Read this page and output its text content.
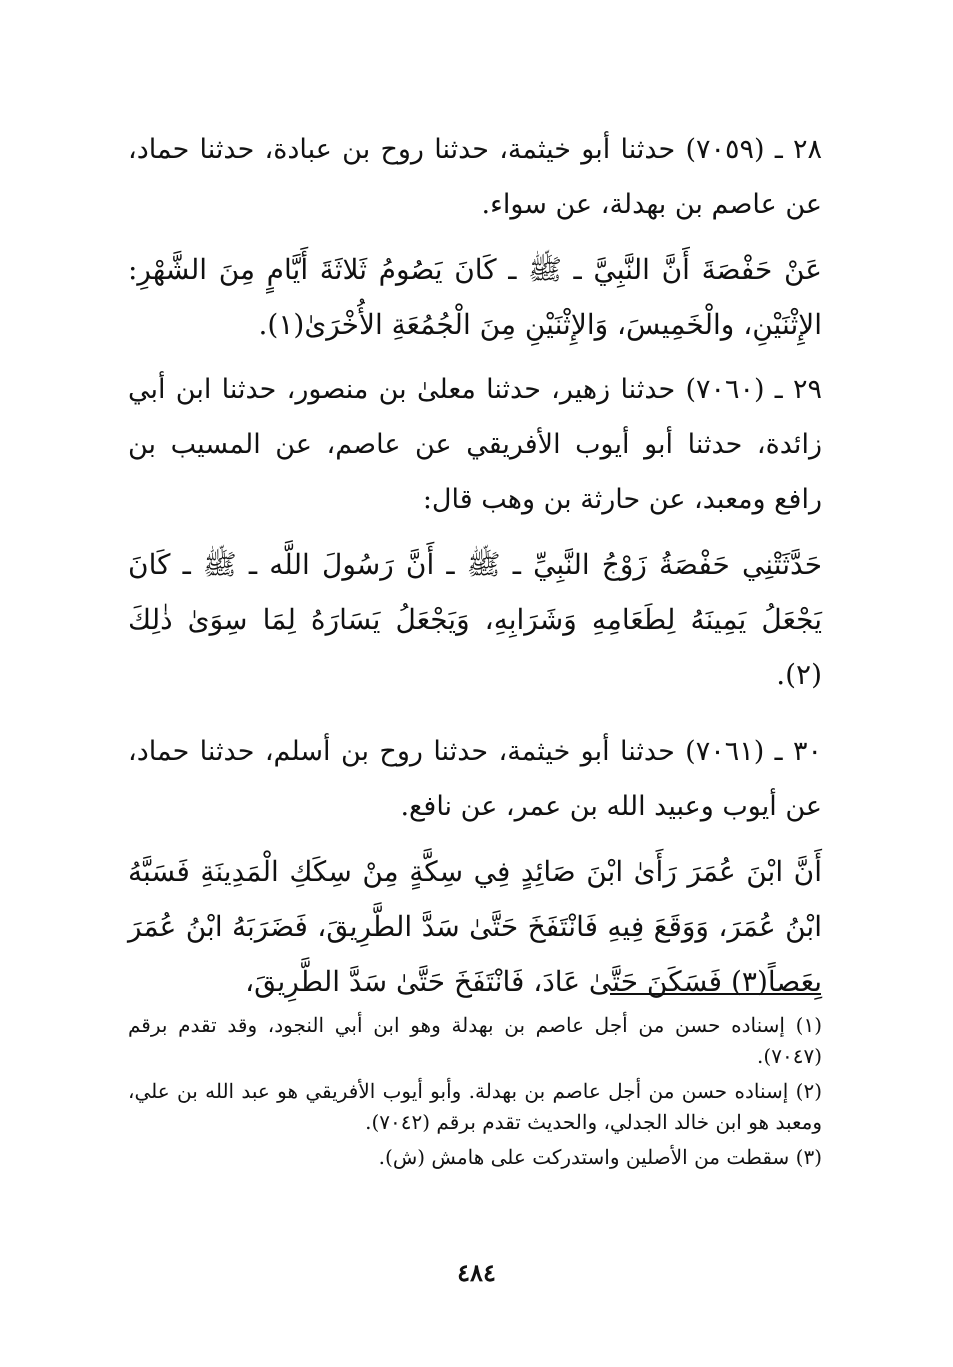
٢٨ ـ (٧٠٥٩) حدثنا أبو خيثمة، حدثنا روح بن عبادة، حدثنا حماد، عن عاصم بن بهدلة، عن سواء.

عَنْ حَفْصَةَ أَنَّ النَّبِيَّ ـ ﷺ ـ كَانَ يَصُومُ ثَلاثَةَ أَيَّامٍ مِنَ الشَّهْرِ: الإِثْنَيْنِ، والْخَمِيسَ، وَالإِثْنَيْنِ مِنَ الْجُمُعَةِ الأُخْرَىٰ(١).

٢٩ ـ (٧٠٦٠) حدثنا زهير، حدثنا معلىٰ بن منصور، حدثنا ابن أبي زائدة، حدثنا أبو أيوب الأفريقي عن عاصم، عن المسيب بن رافع ومعبد، عن حارثة بن وهب قال:

حَدَّثَتْنِي حَفْصَةُ زَوْجُ النَّبِيِّ ـ ﷺ ـ أَنَّ رَسُولَ اللَّه ـ ﷺ ـ كَانَ يَجْعَلُ يَمِينَهُ لِطَعَامِهِ وَشَرَابِهِ، وَيَجْعَلُ يَسَارَهُ لِمَا سِوَىٰ ذٰلِكَ (٢).

٣٠ ـ (٧٠٦١) حدثنا أبو خيثمة، حدثنا روح بن أسلم، حدثنا حماد، عن أيوب وعبيد الله بن عمر، عن نافع.

أَنَّ ابْنَ عُمَرَ رَأَىٰ ابْنَ صَائِدٍ فِي سِكَّةٍ مِنْ سِكَكِ الْمَدِينَةِ فَسَبَّهُ ابْنُ عُمَرَ، وَوَقَعَ فِيهِ فَانْتَفَخَ حَتَّىٰ سَدَّ الطَّرِيقَ، فَضَرَبَهُ ابْنُ عُمَرَ بِعَصاً(٣) فَسَكَنَ حَتَّىٰ عَادَ، فَانْتَفَخَ حَتَّىٰ سَدَّ الطَّرِيقَ،

(١) إسناده حسن من أجل عاصم بن بهدلة وهو ابن أبي النجود، وقد تقدم برقم (٧٠٤٧).

(٢) إسناده حسن من أجل عاصم بن بهدلة. وأبو أيوب الأفريقي هو عبد الله بن علي، ومعبد هو ابن خالد الجدلي، والحديث تقدم برقم (٧٠٤٢).

(٣) سقطت من الأصلين واستدركت على هامش (ش).

٤٨٤
